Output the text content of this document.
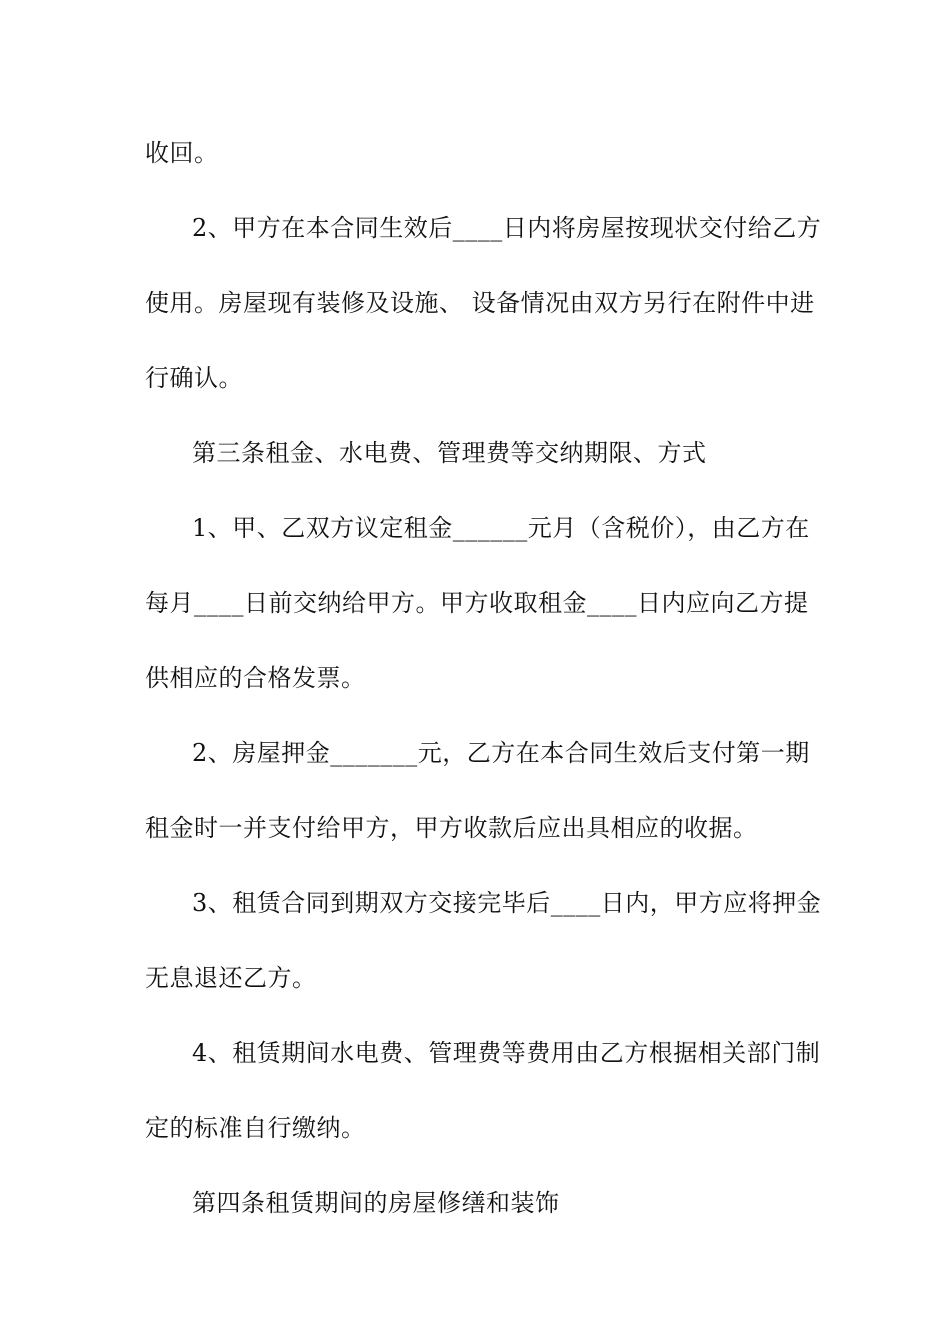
收回。
2、甲方在本合同生效后____日内将房屋按现状交付给乙方
使用。房屋现有装修及设施、 设备情况由双方另行在附件中进
行确认。
第三条租金、水电费、管理费等交纳期限、方式
1、甲、乙双方议定租金______元月（含税价），由乙方在
每月____日前交纳给甲方。甲方收取租金____日内应向乙方提
供相应的合格发票。
2、房屋押金_______元，乙方在本合同生效后支付第一期
租金时一并支付给甲方，甲方收款后应出具相应的收据。
3、租赁合同到期双方交接完毕后____日内，甲方应将押金
无息退还乙方。
4、租赁期间水电费、管理费等费用由乙方根据相关部门制
定的标准自行缴纳。
第四条租赁期间的房屋修缮和装饰
